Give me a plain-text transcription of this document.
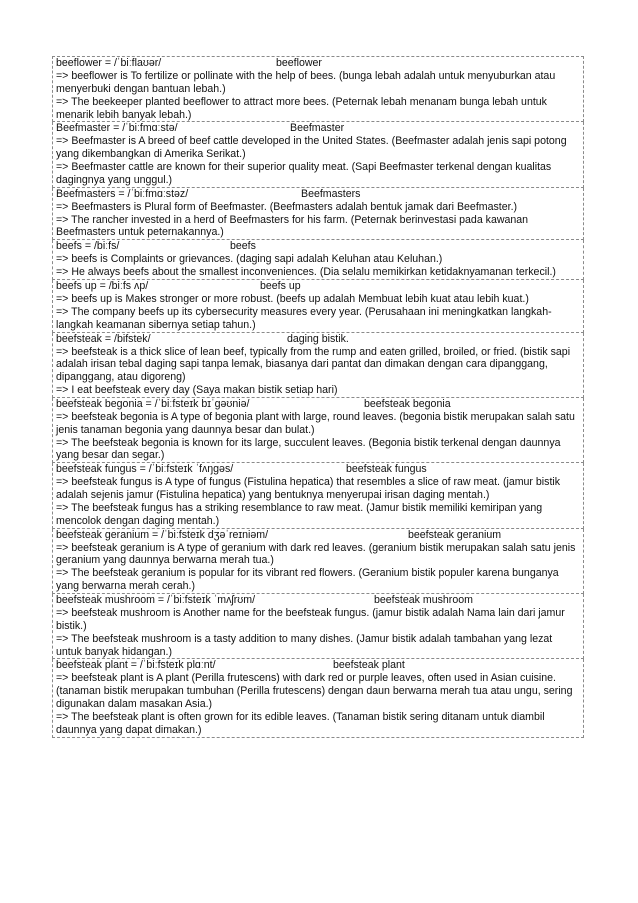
beeflower = /ˈbiːflaʊər/	beeflower
=> beeflower is To fertilize or pollinate with the help of bees. (bunga lebah adalah untuk menyuburkan atau menyerbuki dengan bantuan lebah.)
=> The beekeeper planted beeflower to attract more bees. (Peternak lebah menanam bunga lebah untuk menarik lebih banyak lebah.)
Beefmaster = /ˈbiːfmɑːstə/	Beefmaster
=> Beefmaster is A breed of beef cattle developed in the United States. (Beefmaster adalah jenis sapi potong yang dikembangkan di Amerika Serikat.)
=> Beefmaster cattle are known for their superior quality meat. (Sapi Beefmaster terkenal dengan kualitas dagingnya yang unggul.)
Beefmasters = /ˈbiːfmɑːstəz/	Beefmasters
=> Beefmasters is Plural form of Beefmaster. (Beefmasters adalah bentuk jamak dari Beefmaster.)
=> The rancher invested in a herd of Beefmasters for his farm. (Peternak berinvestasi pada kawanan Beefmasters untuk peternakannya.)
beefs = /biːfs/	beefs
=> beefs is Complaints or grievances. (daging sapi adalah Keluhan atau Keluhan.)
=> He always beefs about the smallest inconveniences. (Dia selalu memikirkan ketidaknyamanan terkecil.)
beefs up = /biːfs ʌp/	beefs up
=> beefs up is Makes stronger or more robust. (beefs up adalah Membuat lebih kuat atau lebih kuat.)
=> The company beefs up its cybersecurity measures every year. (Perusahaan ini meningkatkan langkah-langkah keamanan sibernya setiap tahun.)
beefsteak = /bifstek/	daging bistik.
=> beefsteak is a thick slice of lean beef, typically from the rump and eaten grilled, broiled, or fried. (bistik sapi adalah irisan tebal daging sapi tanpa lemak, biasanya dari pantat dan dimakan dengan cara dipanggang, dipanggang, atau digoreng)
=> I eat beefsteak every day (Saya makan bistik setiap hari)
beefsteak begonia = /ˈbiːfsteɪk bɪˈɡəʊniə/	beefsteak begonia
=> beefsteak begonia is A type of begonia plant with large, round leaves. (begonia bistik merupakan salah satu jenis tanaman begonia yang daunnya besar dan bulat.)
=> The beefsteak begonia is known for its large, succulent leaves. (Begonia bistik terkenal dengan daunnya yang besar dan segar.)
beefsteak fungus = /ˈbiːfsteɪk ˈfʌŋɡəs/	beefsteak fungus
=> beefsteak fungus is A type of fungus (Fistulina hepatica) that resembles a slice of raw meat. (jamur bistik adalah sejenis jamur (Fistulina hepatica) yang bentuknya menyerupai irisan daging mentah.)
=> The beefsteak fungus has a striking resemblance to raw meat. (Jamur bistik memiliki kemiripan yang mencolok dengan daging mentah.)
beefsteak geranium = /ˈbiːfsteɪk dʒəˈreɪniəm/	beefsteak geranium
=> beefsteak geranium is A type of geranium with dark red leaves. (geranium bistik merupakan salah satu jenis geranium yang daunnya berwarna merah tua.)
=> The beefsteak geranium is popular for its vibrant red flowers. (Geranium bistik populer karena bunganya yang berwarna merah cerah.)
beefsteak mushroom = /ˈbiːfsteɪk ˈmʌʃrʊm/	beefsteak mushroom
=> beefsteak mushroom is Another name for the beefsteak fungus. (jamur bistik adalah Nama lain dari jamur bistik.)
=> The beefsteak mushroom is a tasty addition to many dishes. (Jamur bistik adalah tambahan yang lezat untuk banyak hidangan.)
beefsteak plant = /ˈbiːfsteɪk plɑːnt/	beefsteak plant
=> beefsteak plant is A plant (Perilla frutescens) with dark red or purple leaves, often used in Asian cuisine. (tanaman bistik merupakan tumbuhan (Perilla frutescens) dengan daun berwarna merah tua atau ungu, sering digunakan dalam masakan Asia.)
=> The beefsteak plant is often grown for its edible leaves. (Tanaman bistik sering ditanam untuk diambil daunnya yang dapat dimakan.)
